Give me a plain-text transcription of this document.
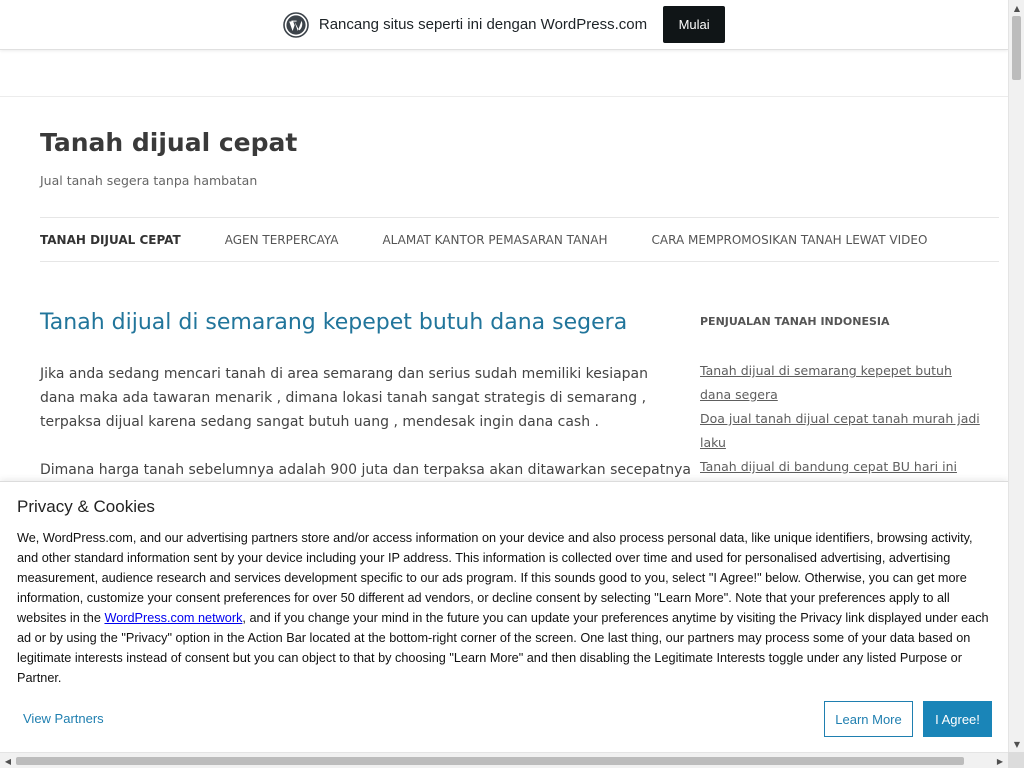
Rancang situs seperti ini dengan WordPress.com	Mulai
Tanah dijual cepat
Jual tanah segera tanpa hambatan
TANAH DIJUAL CEPAT	AGEN TERPERCAYA	ALAMAT KANTOR PEMASARAN TANAH	CARA MEMPROMOSIKAN TANAH LEWAT VIDEO
Tanah dijual di semarang kepepet butuh dana segera

Jika anda sedang mencari tanah di area semarang dan serius sudah memiliki kesiapan dana maka ada tawaran menarik , dimana lokasi tanah sangat strategis di semarang , terpaksa dijual karena sedang sangat butuh uang , mendesak ingin dana cash .

Dimana harga tanah sebelumnya adalah 900 juta dan terpaksa akan ditawarkan secepatnya

PENJUALAN TANAH INDONESIA
Tanah dijual di semarang kepepet butuh
dana segera
Doa jual tanah dijual cepat tanah murah jadi laku
Tanah dijual di bandung cepat BU hari ini
Privacy & Cookies
We, WordPress.com, and our advertising partners store and/or access information on your device and also process personal data, like unique identifiers, browsing activity, and other standard information sent by your device including your IP address. This information is collected over time and used for personalised advertising, advertising measurement, audience research and services development specific to our ads program. If this sounds good to you, select "I Agree!" below. Otherwise, you can get more information, customize your consent preferences for over 50 different ad vendors, or decline consent by selecting "Learn More". Note that your preferences apply to all websites in the WordPress.com network, and if you change your mind in the future you can update your preferences anytime by visiting the Privacy link displayed under each ad or by using the "Privacy" option in the Action Bar located at the bottom-right corner of the screen. One last thing, our partners may process some of your data based on legitimate interests instead of consent but you can object to that by choosing "Learn More" and then disabling the Legitimate Interests toggle under any listed Purpose or Partner.
View Partners	Learn More	I Agree!
▲
▼
◀	▶
